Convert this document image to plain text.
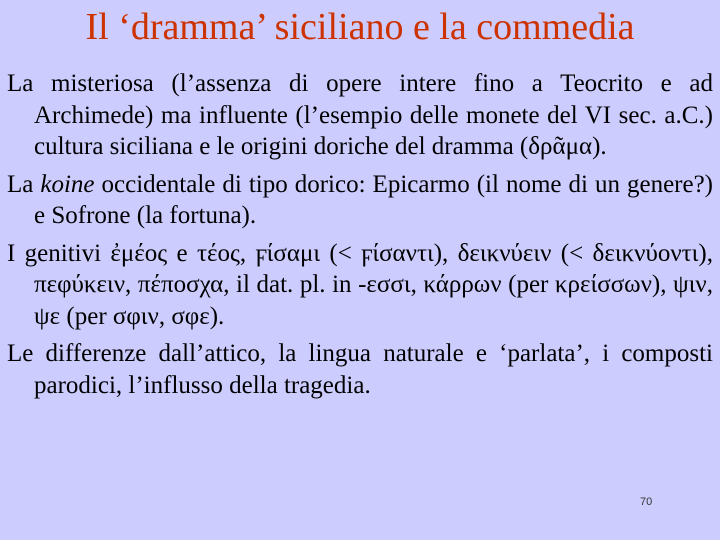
Il ‘dramma’ siciliano e la commedia

La misteriosa (l’assenza di opere intere fino a Teocrito e ad Archimede) ma influente (l’esempio delle monete del VI sec. a.C.) cultura siciliana e le origini doriche del dramma (δρᾶμα).

La koine occidentale di tipo dorico: Epicarmo (il nome di un genere?) e Sofrone (la fortuna).

I genitivi ἐμέος e τέος, ϝίσαμι (< ϝίσαντι), δεικνύειν (< δεικνύοντι), πεφύκειν, πέποσχα, il dat. pl. in ‑εσσι, κάρρων (per κρείσσων), ψιν, ψε (per σφιν, σφε).

Le differenze dall’attico, la lingua naturale e ‘parlata’, i composti parodici, l’influsso della tragedia.

70
